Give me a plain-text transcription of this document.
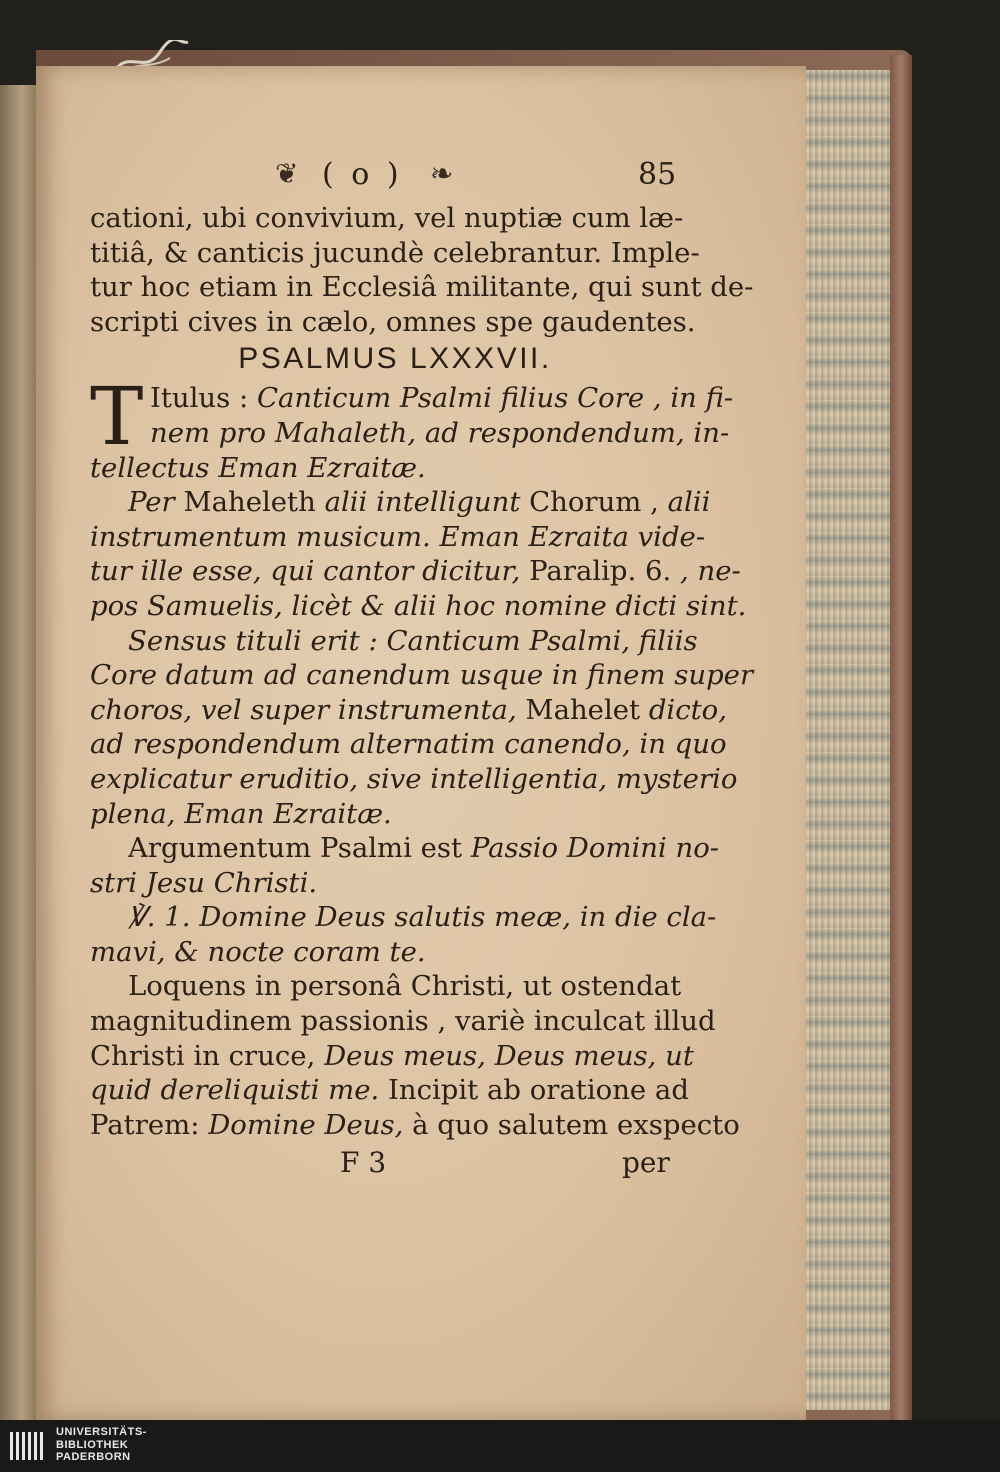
❦ ( o ) ❧	85
cationi, ubi convivium, vel nuptiæ cum læ-
titiâ, & canticis jucundè celebrantur. Imple-
tur hoc etiam in Ecclesiâ militante, qui sunt de-
scripti cives in cælo, omnes spe gaudentes.
PSALMUS LXXXVII.
T Itulus : Canticum Psalmi filius Core , in fi-
nem pro Mahaleth, ad respondendum, in-
tellectus Eman Ezraitæ.
Per Maheleth alii intelligunt Chorum , alii
instrumentum musicum. Eman Ezraita vide-
tur ille esse, qui cantor dicitur, Paralip. 6. , ne-
pos Samuelis, licèt & alii hoc nomine dicti sint.
Sensus tituli erit : Canticum Psalmi, filiis
Core datum ad canendum usque in finem super
choros, vel super instrumenta, Mahelet dicto,
ad respondendum alternatim canendo, in quo
explicatur eruditio, sive intelligentia, mysterio
plena, Eman Ezraitæ.
Argumentum Psalmi est Passio Domini no-
stri Jesu Christi.
℣. 1. Domine Deus salutis meæ, in die cla-
mavi, & nocte coram te.
Loquens in personâ Christi, ut ostendat
magnitudinem passionis , variè inculcat illud
Christi in cruce, Deus meus, Deus meus, ut
quid dereliquisti me. Incipit ab oratione ad
Patrem: Domine Deus, à quo salutem exspecto
F 3	per
UNIVERSITÄTS-
BIBLIOTHEK
PADERBORN
